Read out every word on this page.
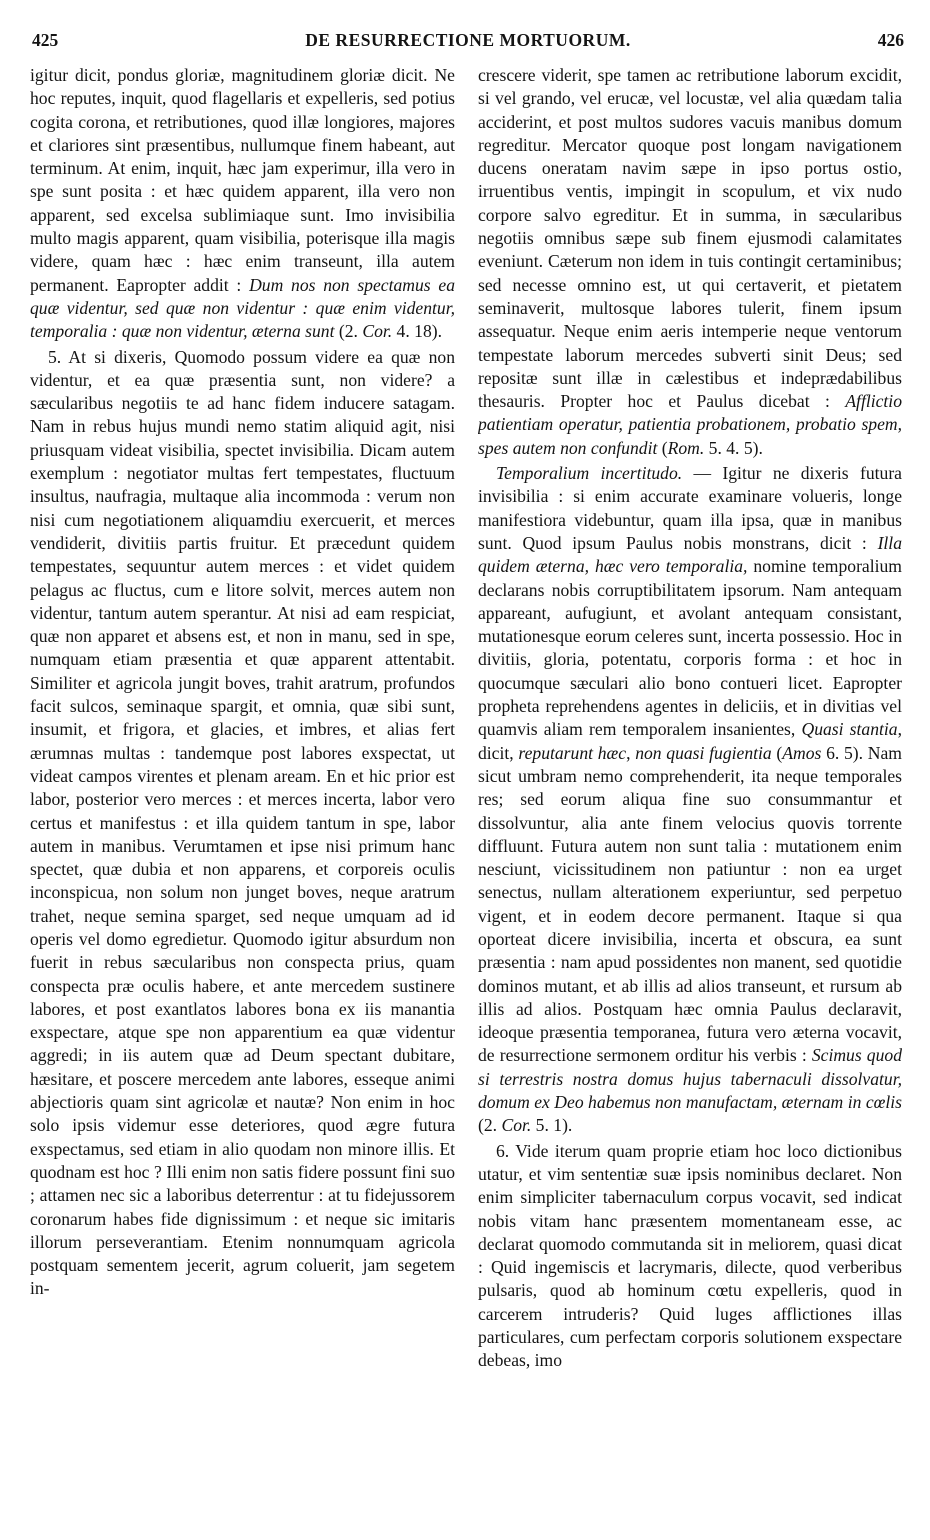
425	DE RESURRECTIONE MORTUORUM.	426

igitur dicit, pondus gloriæ, magnitudinem gloriæ dicit. Ne hoc reputes, inquit, quod flagellaris et expelleris, sed potius cogita corona, et retributiones, quod illæ longiores, majores et clariores sint præsentibus, nullumque finem habeant, aut terminum. At enim, inquit, hæc jam experimur, illa vero in spe sunt posita : et hæc quidem apparent, illa vero non apparent, sed excelsa sublimiaque sunt. Imo invisibilia multo magis apparent, quam visibilia, poterisque illa magis videre, quam hæc : hæc enim transeunt, illa autem permanent. Eapropter addit : Dum nos non spectamus ea quæ videntur, sed quæ non videntur : quæ enim videntur, temporalia : quæ non videntur, æterna sunt (2. Cor. 4. 18).

5. At si dixeris, Quomodo possum videre ea quæ non videntur, et ea quæ præsentia sunt, non videre? a sæcularibus negotiis te ad hanc fidem inducere satagam. Nam in rebus hujus mundi nemo statim aliquid agit, nisi priusquam videat visibilia, spectet invisibilia. Dicam autem exemplum : negotiator multas fert tempestates, fluctuum insultus, naufragia, multaque alia incommoda : verum non nisi cum negotiationem aliquamdiu exercuerit, et merces vendiderit, divitiis partis fruitur. Et præcedunt quidem tempestates, sequuntur autem merces : et videt quidem pelagus ac fluctus, cum e litore solvit, merces autem non videntur, tantum autem sperantur. At nisi ad eam respiciat, quæ non apparet et absens est, et non in manu, sed in spe, numquam etiam præsentia et quæ apparent attentabit. Similiter et agricola jungit boves, trahit aratrum, profundos facit sulcos, seminaque spargit, et omnia, quæ sibi sunt, insumit, et frigora, et glacies, et imbres, et alias fert ærumnas multas : tandemque post labores exspectat, ut videat campos virentes et plenam aream. En et hic prior est labor, posterior vero merces : et merces incerta, labor vero certus et manifestus : et illa quidem tantum in spe, labor autem in manibus. Verumtamen et ipse nisi primum hanc spectet, quæ dubia et non apparens, et corporeis oculis inconspicua, non solum non junget boves, neque aratrum trahet, neque semina sparget, sed neque umquam ad id operis vel domo egredietur. Quomodo igitur absurdum non fuerit in rebus sæcularibus non conspecta prius, quam conspecta præ oculis habere, et ante mercedem sustinere labores, et post exantlatos labores bona ex iis manantia exspectare, atque spe non apparentium ea quæ videntur aggredi; in iis autem quæ ad Deum spectant dubitare, hæsitare, et poscere mercedem ante labores, esseque animi abjectioris quam sint agricolæ et nautæ? Non enim in hoc solo ipsis videmur esse deteriores, quod ægre futura exspectamus, sed etiam in alio quodam non minore illis. Et quodnam est hoc ? Illi enim non satis fidere possunt fini suo ; attamen nec sic a laboribus deterrentur : at tu fidejussorem coronarum habes fide dignissimum : et neque sic imitaris illorum perseverantiam. Etenim nonnumquam agricola postquam sementem jecerit, agrum coluerit, jam segetem in-

crescere viderit, spe tamen ac retributione laborum excidit, si vel grando, vel erucæ, vel locustæ, vel alia quædam talia acciderint, et post multos sudores vacuis manibus domum regreditur. Mercator quoque post longam navigationem ducens oneratam navim sæpe in ipso portus ostio, irruentibus ventis, impingit in scopulum, et vix nudo corpore salvo egreditur. Et in summa, in sæcularibus negotiis omnibus sæpe sub finem ejusmodi calamitates eveniunt. Cæterum non idem in tuis contingit certaminibus; sed necesse omnino est, ut qui certaverit, et pietatem seminaverit, multosque labores tulerit, finem ipsum assequatur. Neque enim aeris intemperie neque ventorum tempestate laborum mercedes subverti sinit Deus; sed repositæ sunt illæ in cælestibus et indeprædabilibus thesauris. Propter hoc et Paulus dicebat : Afflictio patientiam operatur, patientia probationem, probatio spem, spes autem non confundit (Rom. 5. 4. 5).

Temporalium incertitudo. — Igitur ne dixeris futura invisibilia : si enim accurate examinare volueris, longe manifestiora videbuntur, quam illa ipsa, quæ in manibus sunt. Quod ipsum Paulus nobis monstrans, dicit : Illa quidem æterna, hæc vero temporalia, nomine temporalium declarans nobis corruptibilitatem ipsorum. Nam antequam appareant, aufugiunt, et avolant antequam consistant, mutationesque eorum celeres sunt, incerta possessio. Hoc in divitiis, gloria, potentatu, corporis forma : et hoc in quocumque sæculari alio bono contueri licet. Eapropter propheta reprehendens agentes in deliciis, et in divitias vel quamvis aliam rem temporalem insanientes, Quasi stantia, dicit, reputarunt hæc, non quasi fugientia (Amos 6. 5). Nam sicut umbram nemo comprehenderit, ita neque temporales res; sed eorum aliqua fine suo consummantur et dissolvuntur, alia ante finem velocius quovis torrente diffluunt. Futura autem non sunt talia : mutationem enim nesciunt, vicissitudinem non patiuntur : non ea urget senectus, nullam alterationem experiuntur, sed perpetuo vigent, et in eodem decore permanent. Itaque si qua oporteat dicere invisibilia, incerta et obscura, ea sunt præsentia : nam apud possidentes non manent, sed quotidie dominos mutant, et ab illis ad alios transeunt, et rursum ab illis ad alios. Postquam hæc omnia Paulus declaravit, ideoque præsentia temporanea, futura vero æterna vocavit, de resurrectione sermonem orditur his verbis : Scimus quod si terrestris nostra domus hujus tabernaculi dissolvatur, domum ex Deo habemus non manufactam, æternam in cœlis (2. Cor. 5. 1).

6. Vide iterum quam proprie etiam hoc loco dictionibus utatur, et vim sententiæ suæ ipsis nominibus declaret. Non enim simpliciter tabernaculum corpus vocavit, sed indicat nobis vitam hanc præsentem momentaneam esse, ac declarat quomodo commutanda sit in meliorem, quasi dicat : Quid ingemiscis et lacrymaris, dilecte, quod verberibus pulsaris, quod ab hominum cœtu expelleris, quod in carcerem intruderis? Quid luges afflictiones illas particulares, cum perfectam corporis solutionem exspectare debeas, imo
